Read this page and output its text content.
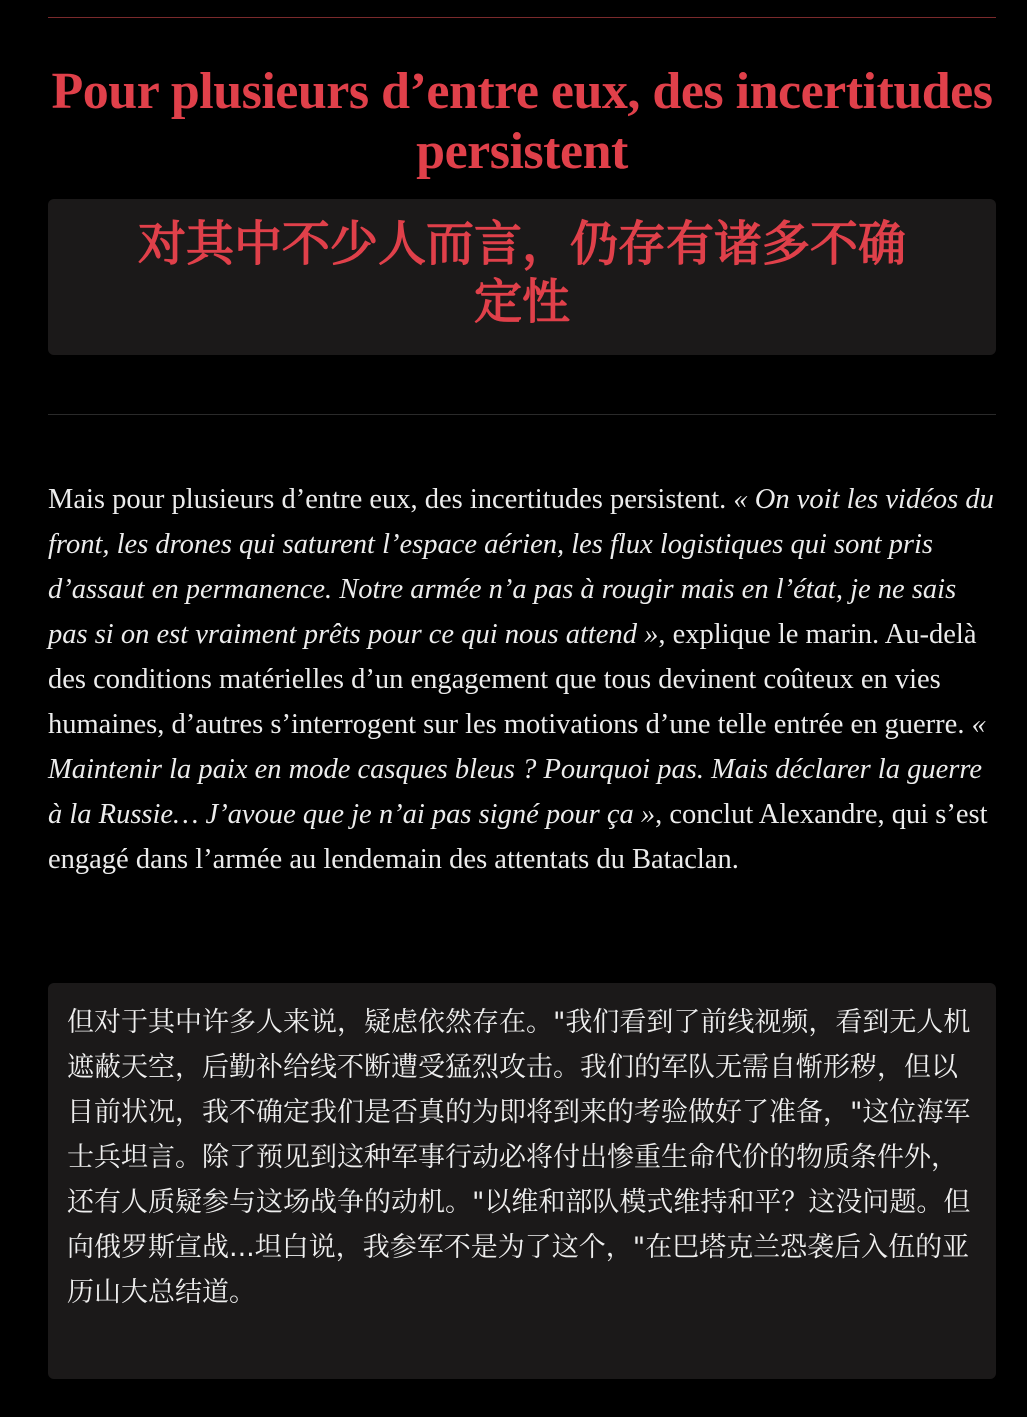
Pour plusieurs d’entre eux, des incertitudes persistent
对其中不少人而言，仍存有诸多不确定性

Mais pour plusieurs d’entre eux, des incertitudes persistent. « On voit les vidéos du front, les drones qui saturent l’espace aérien, les flux logistiques qui sont pris d’assaut en permanence. Notre armée n’a pas à rougir mais en l’état, je ne sais pas si on est vraiment prêts pour ce qui nous attend », explique le marin. Au-delà des conditions matérielles d’un engagement que tous devinent coûteux en vies humaines, d’autres s’interrogent sur les motivations d’une telle entrée en guerre. « Maintenir la paix en mode casques bleus ? Pourquoi pas. Mais déclarer la guerre à la Russie… J’avoue que je n’ai pas signé pour ça », conclut Alexandre, qui s’est engagé dans l’armée au lendemain des attentats du Bataclan.

但对于其中许多人来说，疑虑依然存在。"我们看到了前线视频，看到无人机遮蔽天空，后勤补给线不断遭受猛烈攻击。我们的军队无需自惭形秽，但以目前状况，我不确定我们是否真的为即将到来的考验做好了准备，"这位海军士兵坦言。除了预见到这种军事行动必将付出惨重生命代价的物质条件外，还有人质疑参与这场战争的动机。"以维和部队模式维持和平？这没问题。但向俄罗斯宣战...坦白说，我参军不是为了这个，"在巴塔克兰恐袭后入伍的亚历山大总结道。
